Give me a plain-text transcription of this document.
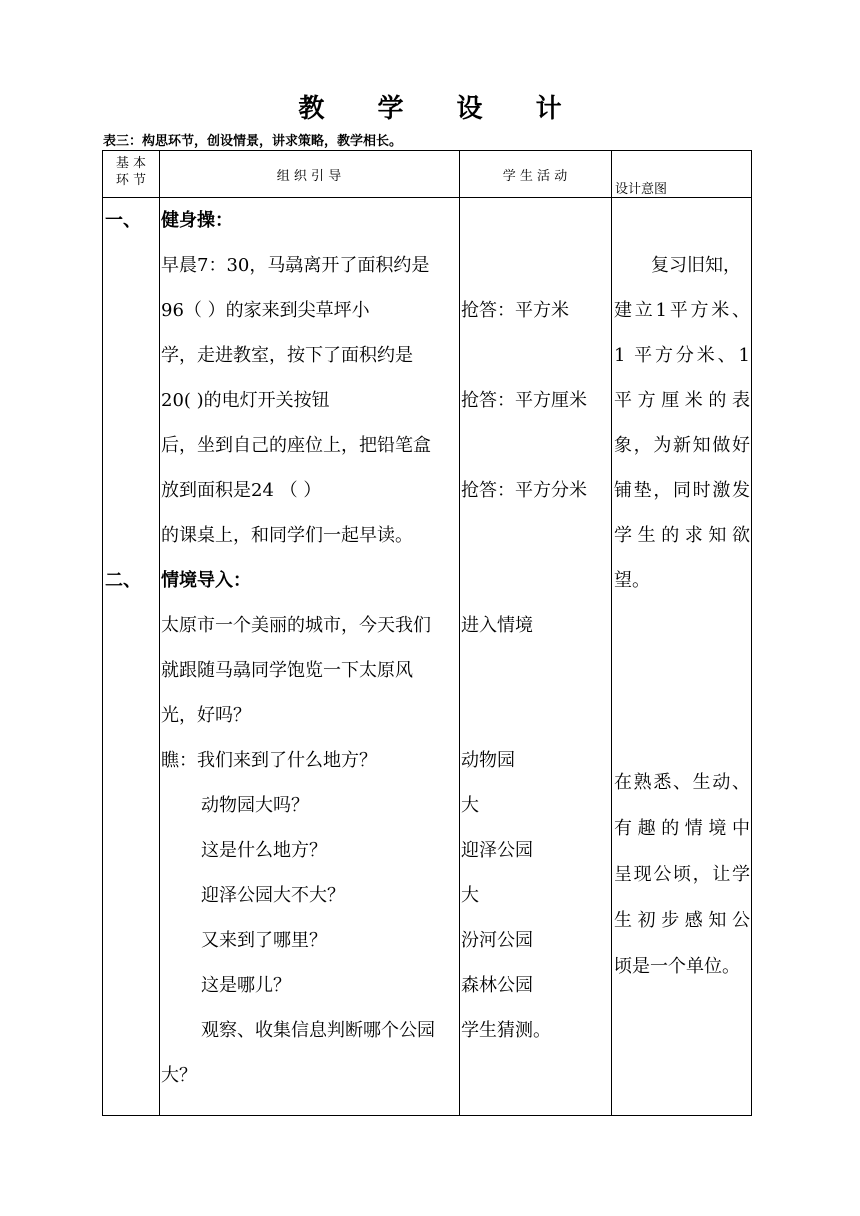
教 学 设 计
表三：构思环节，创设情景，讲求策略，教学相长。
基 本
环 节	组 织 引 导	学 生 活 动
设计意图
一、
二、
健身操：
早晨7：30，马骉离开了面积约是
96（ ）的家来到尖草坪小
学，走进教室，按下了面积约是
20( )的电灯开关按钮
后，坐到自己的座位上，把铅笔盒
放到面积是24 （ ）
的课桌上，和同学们一起早读。
情境导入：
太原市一个美丽的城市，今天我们
就跟随马骉同学饱览一下太原风
光，好吗？
瞧：我们来到了什么地方？
动物园大吗？
这是什么地方？
迎泽公园大不大？
又来到了哪里？
这是哪儿？
观察、收集信息判断哪个公园
大？
抢答：平方米
抢答：平方厘米
抢答：平方分米
进入情境
动物园
大
迎泽公园
大
汾河公园
森林公园
学生猜测。
复习旧知，
建立1平方米、
1 平方分米、1
平方厘米的表
象，为新知做好
铺垫，同时激发
学生的求知欲
望。
在熟悉、生动、
有趣的情境中
呈现公顷，让学
生初步感知公
顷是一个单位。
